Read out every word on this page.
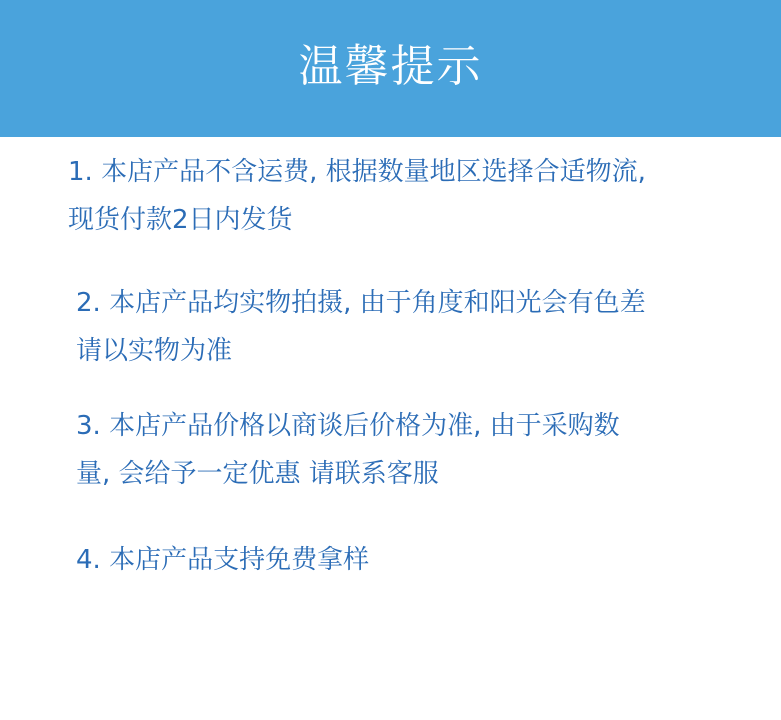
温馨提示
1. 本店产品不含运费, 根据数量地区选择合适物流,
现货付款2日内发货
2. 本店产品均实物拍摄, 由于角度和阳光会有色差
请以实物为准
3. 本店产品价格以商谈后价格为准, 由于采购数
量, 会给予一定优惠 请联系客服
4. 本店产品支持免费拿样
